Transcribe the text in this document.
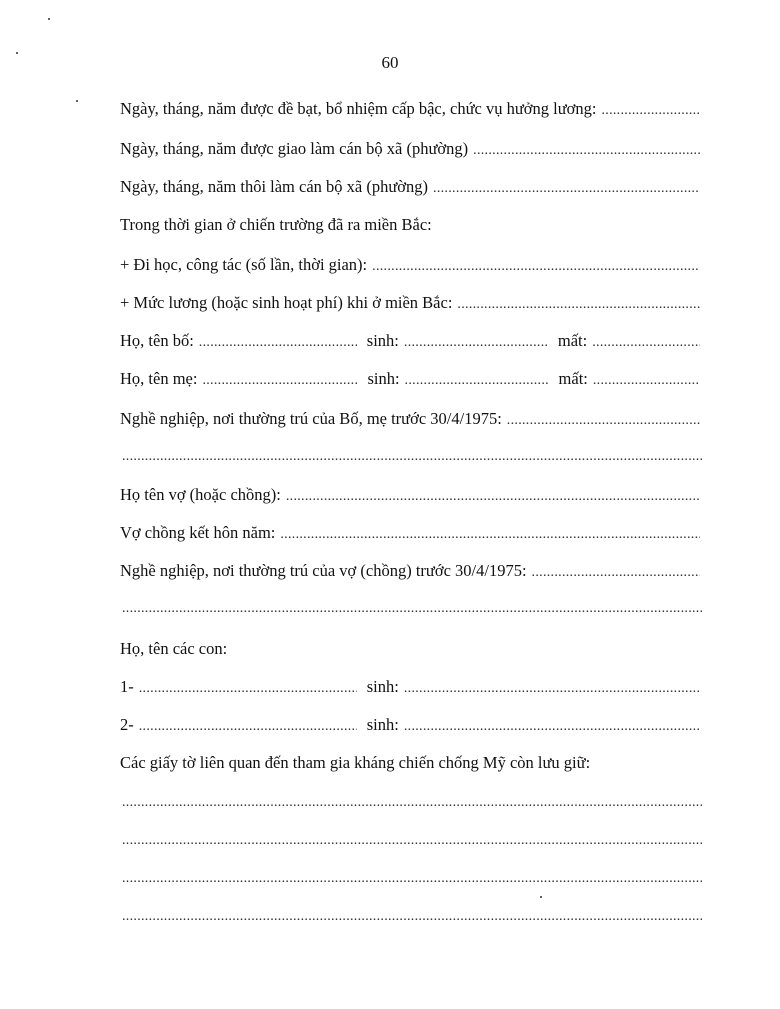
60
Ngày, tháng, năm được đề bạt, bổ nhiệm cấp bậc, chức vụ hưởng lương:
.....
Ngày, tháng, năm được giao làm cán bộ xã (phường)
.....
Ngày, tháng, năm thôi làm cán bộ xã (phường)
.....
Trong thời gian ở chiến trường đã ra miền Bắc:
+ Đi học, công tác (số lần, thời gian):
.....
+ Mức lương (hoặc sinh hoạt phí) khi ở miền Bắc:
.....
Họ, tên bố: .....	sinh: .....	mất:
.....
Họ, tên mẹ: .....	sinh: .....	mất:
.....
Nghề nghiệp, nơi thường trú của Bố, mẹ trước 30/4/1975:
.....
.....
Họ tên vợ (hoặc chồng):
.....
Vợ chồng kết hôn năm:
.....
Nghề nghiệp, nơi thường trú của vợ (chồng) trước 30/4/1975:
.....
.....
Họ, tên các con:
1- .....	sinh:
.....
2- .....	sinh:
.....
Các giấy tờ liên quan đến tham gia kháng chiến chống Mỹ còn lưu giữ:
.....
.....
.....
.....
